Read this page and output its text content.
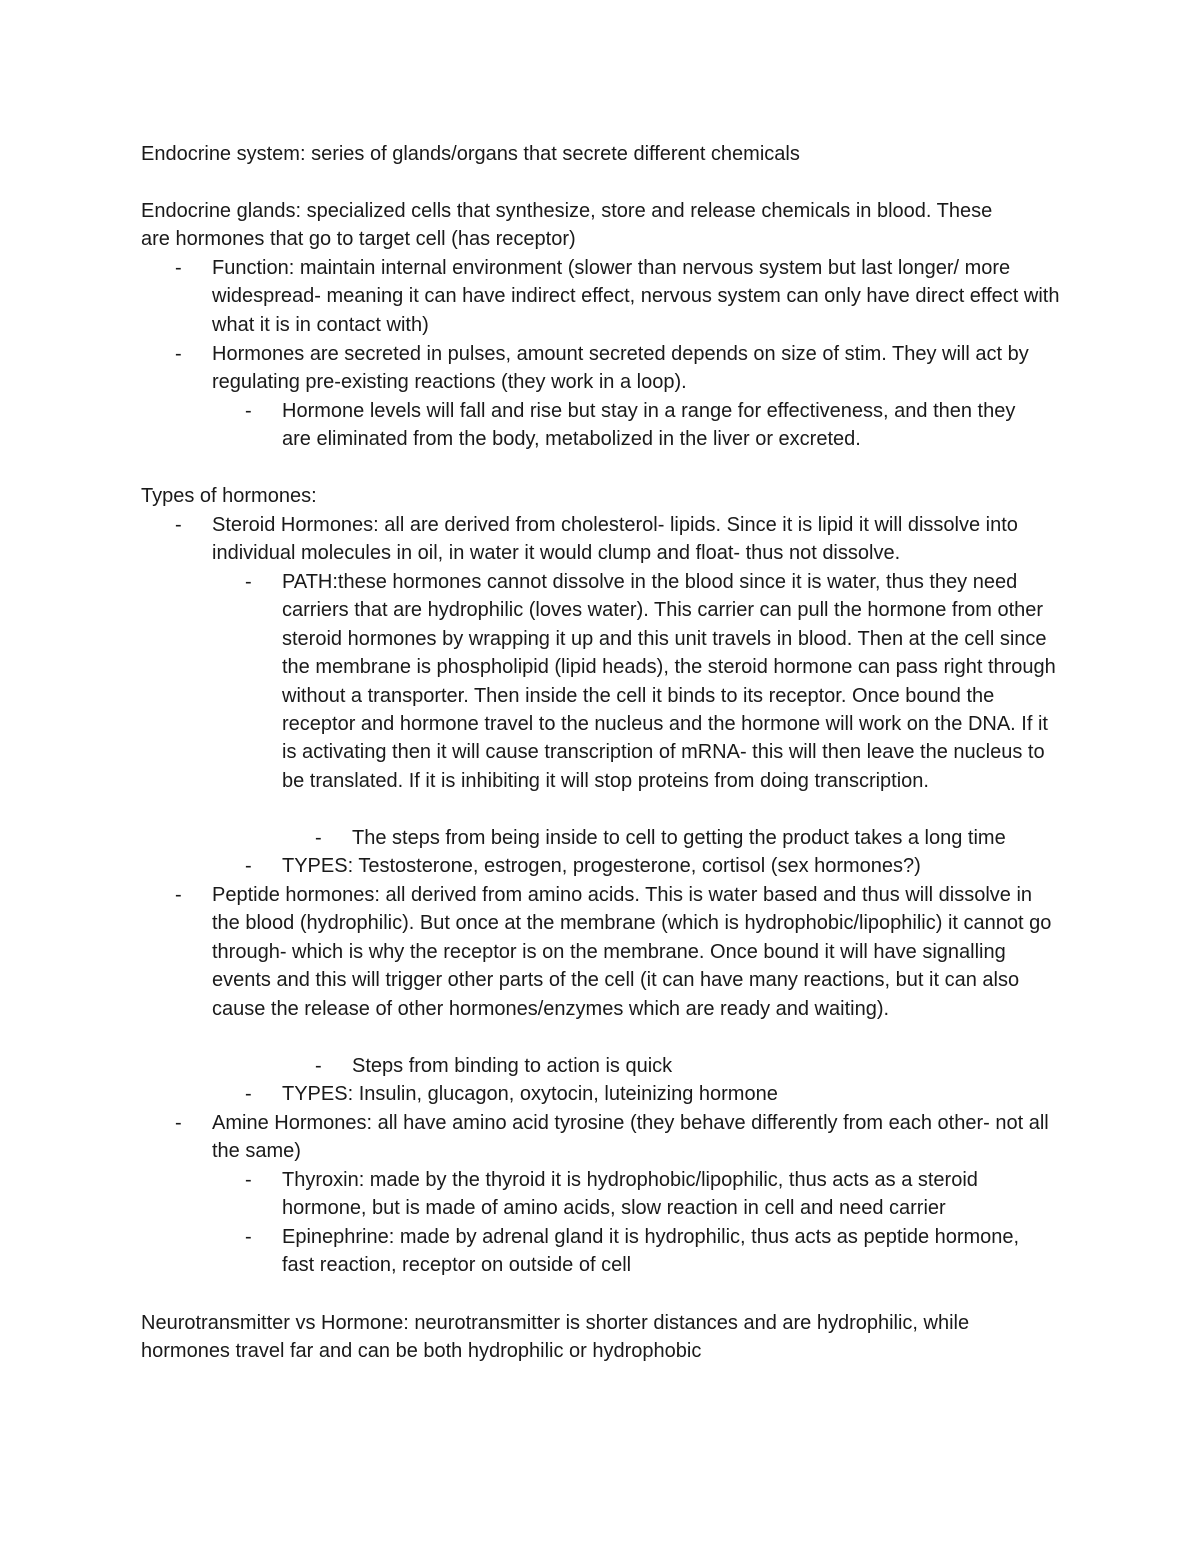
Endocrine system: series of glands/organs that secrete different chemicals

Endocrine glands: specialized cells that synthesize, store and release chemicals in blood. These are hormones that go to target cell (has receptor)

- Function: maintain internal environment (slower than nervous system but last longer/ more widespread- meaning it can have indirect effect, nervous system can only have direct effect with what it is in contact with)
- Hormones are secreted in pulses, amount secreted depends on size of stim. They will act by regulating pre-existing reactions (they work in a loop).
- Hormone levels will fall and rise but stay in a range for effectiveness, and then they are eliminated from the body, metabolized in the liver or excreted.

Types of hormones:

- Steroid Hormones: all are derived from cholesterol- lipids. Since it is lipid it will dissolve into individual molecules in oil, in water it would clump and float- thus not dissolve.
- PATH:these hormones cannot dissolve in the blood since it is water, thus they need carriers that are hydrophilic (loves water). This carrier can pull the hormone from other steroid hormones by wrapping it up and this unit travels in blood. Then at the cell since the membrane is phospholipid (lipid heads), the steroid hormone can pass right through without a transporter. Then inside the cell it binds to its receptor. Once bound the receptor and hormone travel to the nucleus and the hormone will work on the DNA. If it is activating then it will cause transcription of mRNA- this will then leave the nucleus to be translated. If it is inhibiting it will stop proteins from doing transcription.
- The steps from being inside to cell to getting the product takes a long time
- TYPES: Testosterone, estrogen, progesterone, cortisol (sex hormones?)
- Peptide hormones: all derived from amino acids. This is water based and thus will dissolve in the blood (hydrophilic). But once at the membrane (which is hydrophobic/lipophilic) it cannot go through- which is why the receptor is on the membrane. Once bound it will have signalling events and this will trigger other parts of the cell (it can have many reactions, but it can also cause the release of other hormones/enzymes which are ready and waiting).
- Steps from binding to action is quick
- TYPES: Insulin, glucagon, oxytocin, luteinizing hormone
- Amine Hormones: all have amino acid tyrosine (they behave differently from each other- not all the same)
- Thyroxin: made by the thyroid it is hydrophobic/lipophilic, thus acts as a steroid hormone, but is made of amino acids, slow reaction in cell and need carrier
- Epinephrine: made by adrenal gland it is hydrophilic, thus acts as peptide hormone, fast reaction, receptor on outside of cell

Neurotransmitter vs Hormone: neurotransmitter is shorter distances and are hydrophilic, while hormones travel far and can be both hydrophilic or hydrophobic
